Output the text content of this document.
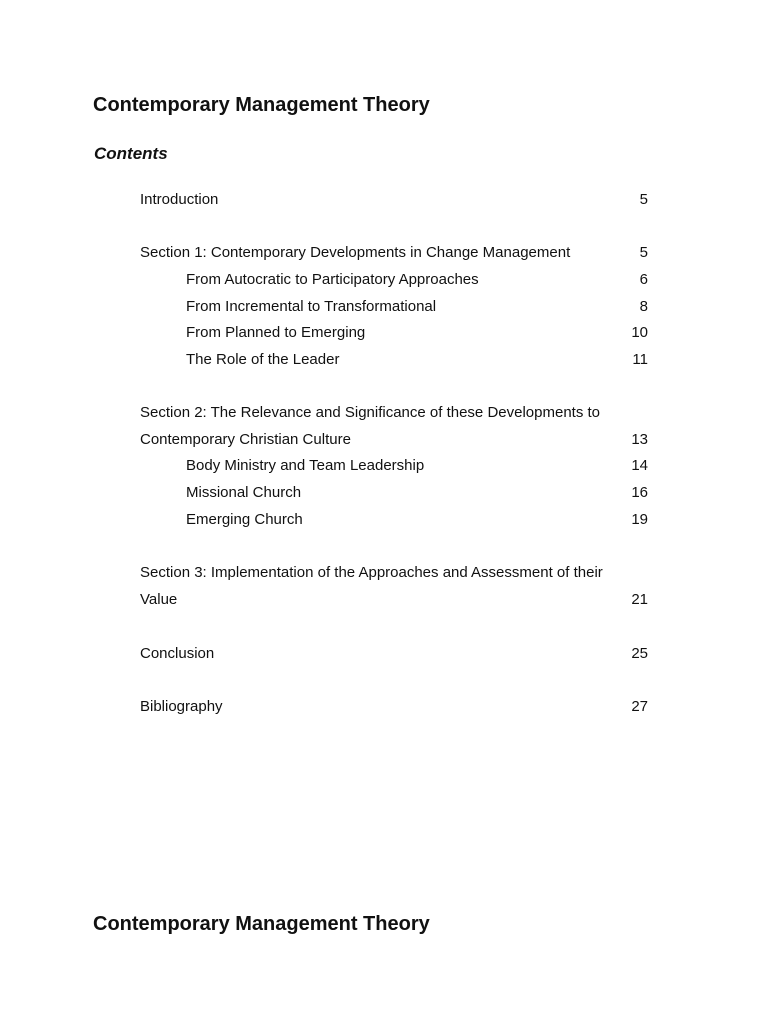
Contemporary Management Theory
Contents
Introduction	5
Section 1: Contemporary Developments in Change Management	5
From Autocratic to Participatory Approaches	6
From Incremental to Transformational	8
From Planned to Emerging	10
The Role of the Leader	11
Section 2: The Relevance and Significance of these Developments to
Contemporary Christian Culture	13
Body Ministry and Team Leadership	14
Missional Church	16
Emerging Church	19
Section 3: Implementation of the Approaches and Assessment of their
Value	21
Conclusion	25
Bibliography	27
Contemporary Management Theory
